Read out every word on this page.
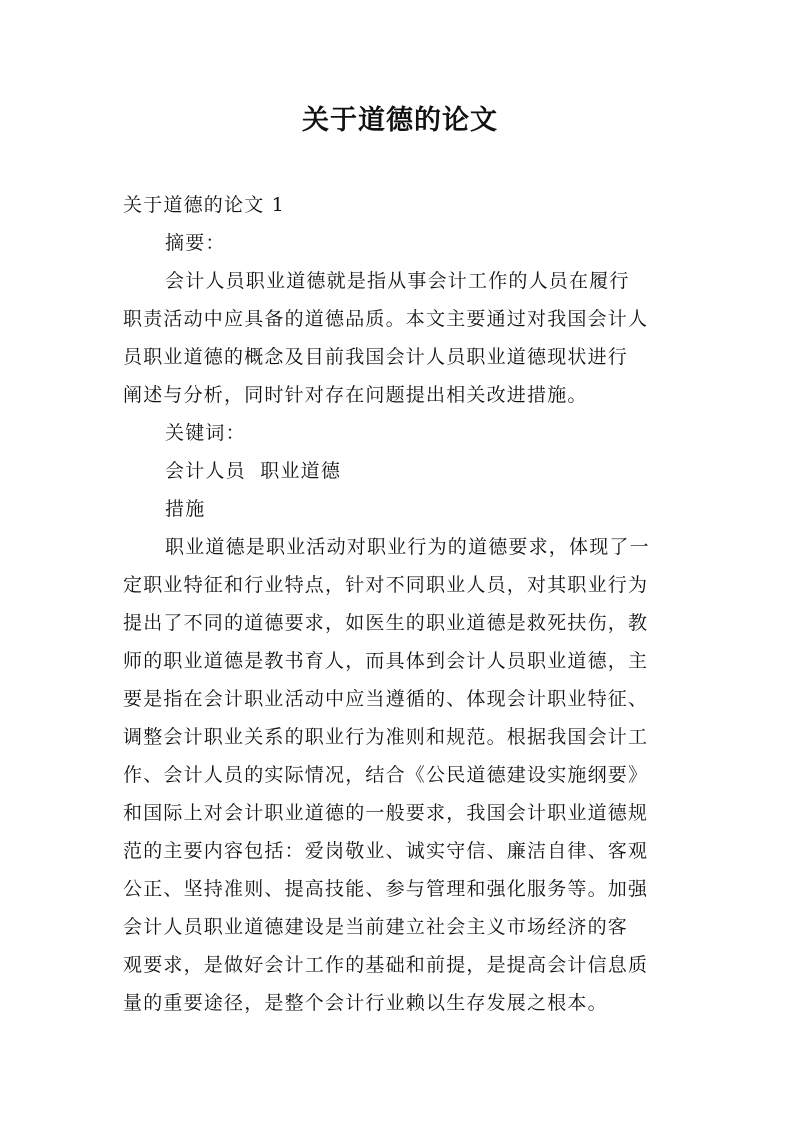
关于道德的论文
关于道德的论文 1
摘要：
会计人员职业道德就是指从事会计工作的人员在履行
职责活动中应具备的道德品质。本文主要通过对我国会计人
员职业道德的概念及目前我国会计人员职业道德现状进行
阐述与分析，同时针对存在问题提出相关改进措施。
关键词：
会计人员  职业道德
措施
职业道德是职业活动对职业行为的道德要求，体现了一
定职业特征和行业特点，针对不同职业人员，对其职业行为
提出了不同的道德要求，如医生的职业道德是救死扶伤，教
师的职业道德是教书育人，而具体到会计人员职业道德，主
要是指在会计职业活动中应当遵循的、体现会计职业特征、
调整会计职业关系的职业行为准则和规范。根据我国会计工
作、会计人员的实际情况，结合《公民道德建设实施纲要》
和国际上对会计职业道德的一般要求，我国会计职业道德规
范的主要内容包括：爱岗敬业、诚实守信、廉洁自律、客观
公正、坚持准则、提高技能、参与管理和强化服务等。加强
会计人员职业道德建设是当前建立社会主义市场经济的客
观要求，是做好会计工作的基础和前提，是提高会计信息质
量的重要途径，是整个会计行业赖以生存发展之根本。
